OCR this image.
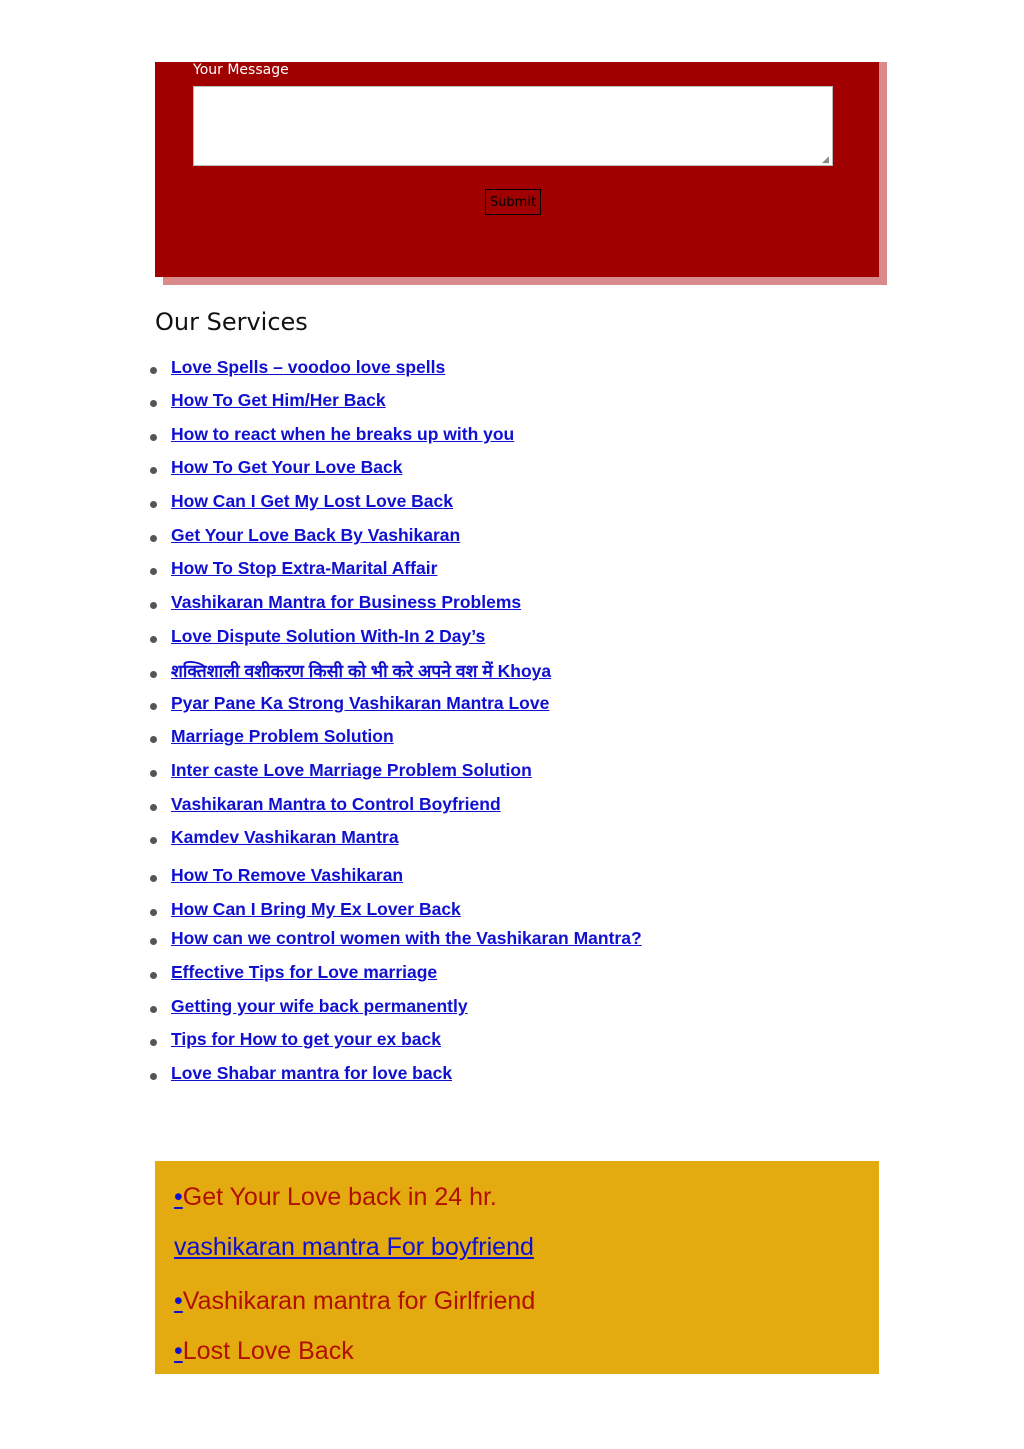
Your Message
◢
Submit
Our Services
Love Spells – voodoo love spells
How To Get Him/Her Back
How to react when he breaks up with you
How To Get Your Love Back
How Can I Get My Lost Love Back
Get Your Love Back By Vashikaran
How To Stop Extra-Marital Affair
Vashikaran Mantra for Business Problems
Love Dispute Solution With-In 2 Day’s
शक्तिशाली वशीकरण किसी को भी करे अपने वश में Khoya
Pyar Pane Ka Strong Vashikaran Mantra Love
Marriage Problem Solution
Inter caste Love Marriage Problem Solution
Vashikaran Mantra to Control Boyfriend
Kamdev Vashikaran Mantra
How To Remove Vashikaran
How Can I Bring My Ex Lover Back
How can we control women with the Vashikaran Mantra?
Effective Tips for Love marriage
Getting your wife back permanently
Tips for How to get your ex back
Love Shabar mantra for love back
•Get Your Love back in 24 hr.
vashikaran mantra For boyfriend
•Vashikaran mantra for Girlfriend
•Lost Love Back
